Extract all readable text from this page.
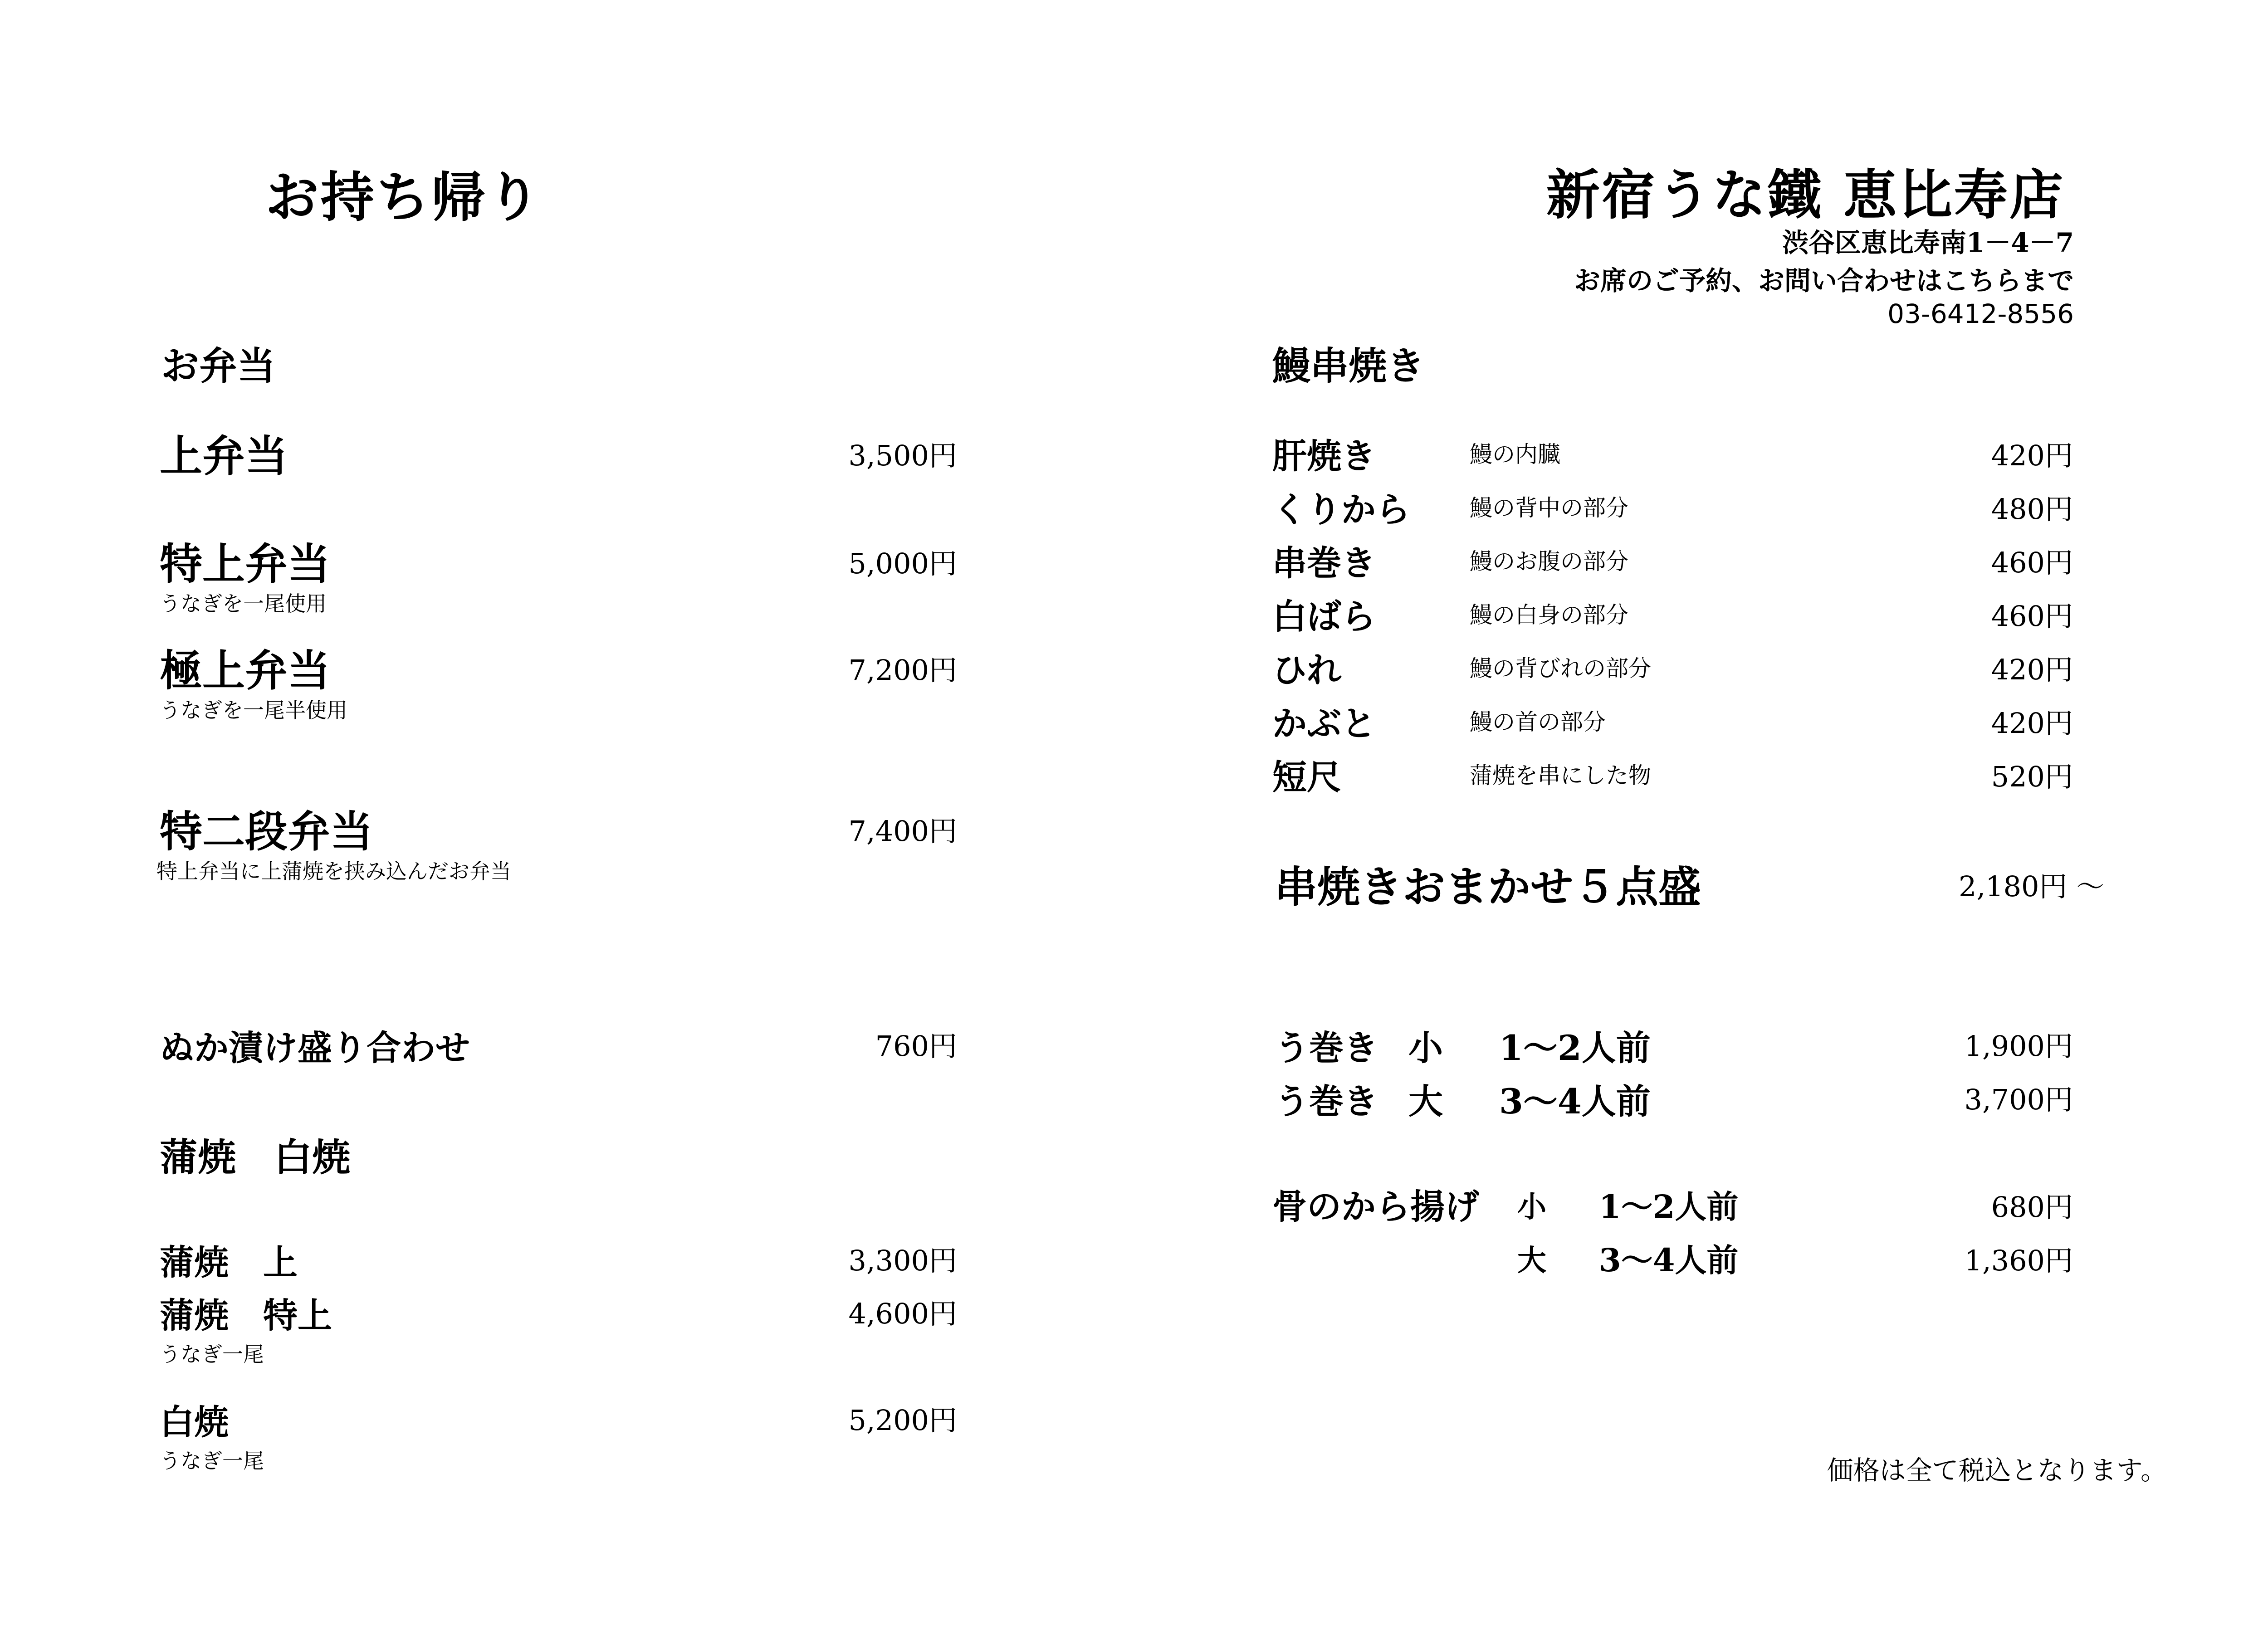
お持ち帰り
お弁当
上弁当	3,500円
特上弁当	5,000円
うなぎを一尾使用
極上弁当	7,200円
うなぎを一尾半使用
特二段弁当	7,400円
特上弁当に上蒲焼を挟み込んだお弁当
ぬか漬け盛り合わせ	760円
蒲焼　白焼
蒲焼　上	3,300円
蒲焼　特上	4,600円
うなぎ一尾
白焼	5,200円
うなぎ一尾
新宿うな鐵 恵比寿店
渋谷区恵比寿南1－4－7
お席のご予約、お問い合わせはこちらまで
03-6412-8556
鰻串焼き
肝焼き	鰻の内臓	420円
くりから	鰻の背中の部分	480円
串巻き	鰻のお腹の部分	460円
白ばら	鰻の白身の部分	460円
ひれ	鰻の背びれの部分	420円
かぶと	鰻の首の部分	420円
短尺	蒲焼を串にした物	520円
串焼きおまかせ５点盛	2,180円 ～
う巻き 小 1～2人前	1,900円
う巻き 大 3～4人前	3,700円
骨のから揚げ 小 1～2人前	680円
大 3～4人前	1,360円
価格は全て税込となります。
